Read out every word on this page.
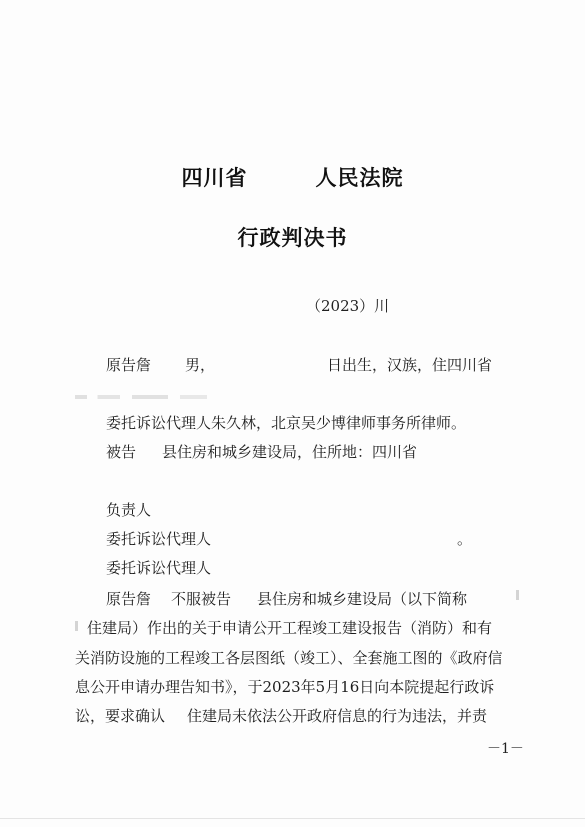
四川省	人民法院
行政判决书
（2023）川
原告詹 男，	日出生，汉族，住四川省
委托诉讼代理人朱久林，北京吴少博律师事务所律师。
被告 县住房和城乡建设局，住所地：四川省
负责人
委托诉讼代理人	。
委托诉讼代理人
原告詹 不服被告 县住房和城乡建设局（以下简称
住建局）作出的关于申请公开工程竣工建设报告（消防）和有
关消防设施的工程竣工各层图纸（竣工）、全套施工图的《政府信
息公开申请办理告知书》，于2023年5月16日向本院提起行政诉
讼，要求确认 住建局未依法公开政府信息的行为违法，并责
－1－
